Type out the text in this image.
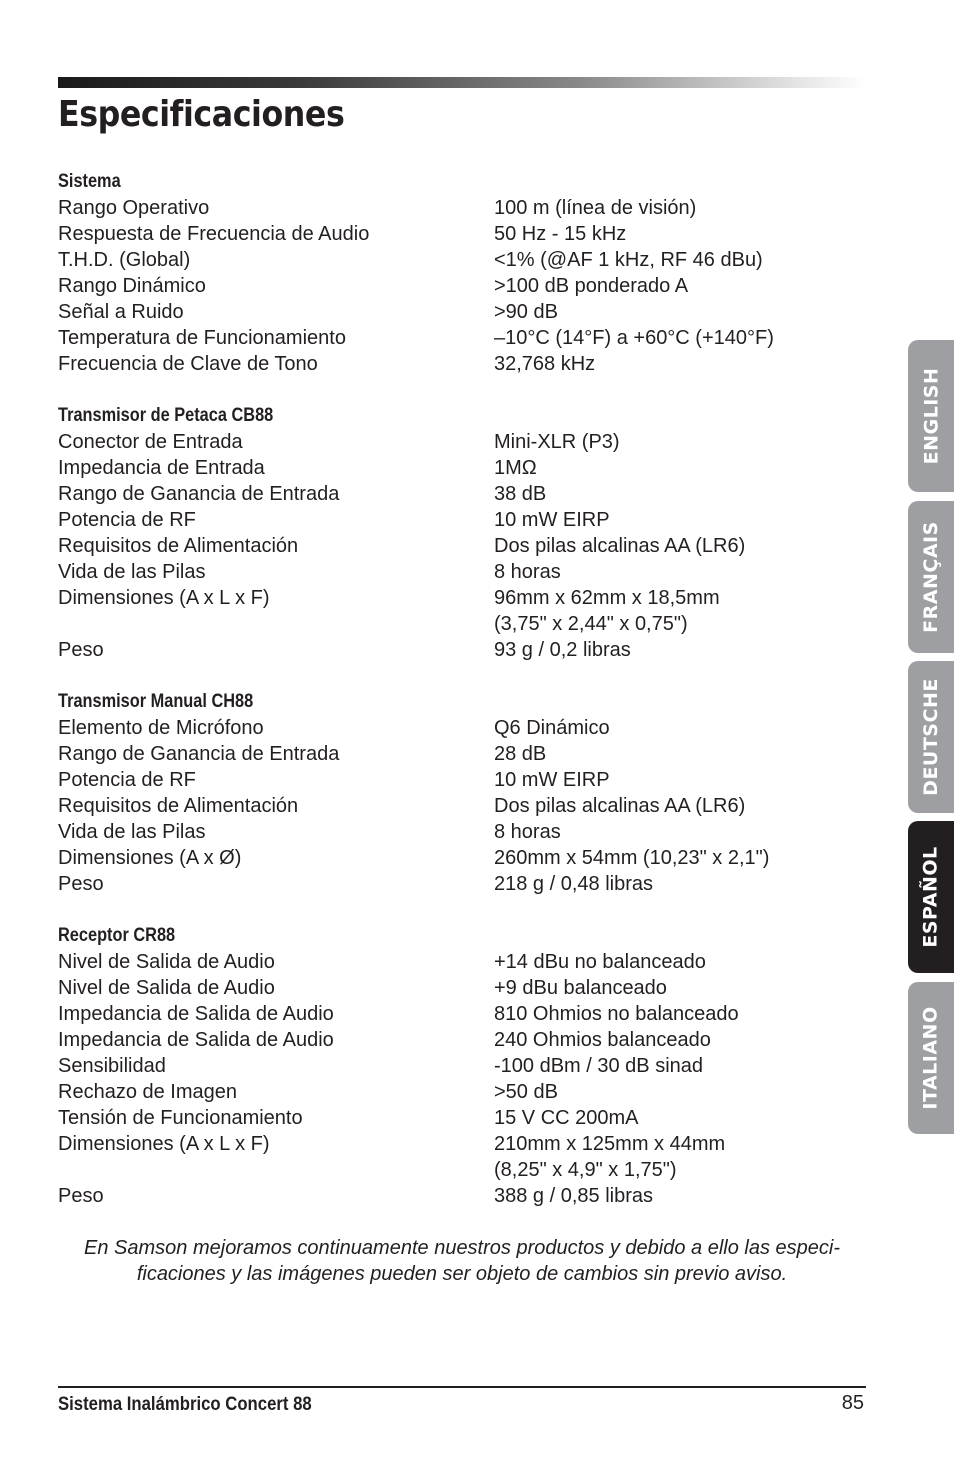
Especificaciones
Sistema
Rango Operativo	100 m (línea de visión)
Respuesta de Frecuencia de Audio	50 Hz - 15 kHz
T.H.D. (Global)	<1% (@AF 1 kHz, RF 46 dBu)
Rango Dinámico	>100 dB ponderado A
Señal a Ruido	>90 dB
Temperatura de Funcionamiento	–10°C (14°F) a +60°C (+140°F)
Frecuencia de Clave de Tono	32,768 kHz
Transmisor de Petaca CB88
Conector de Entrada	Mini-XLR (P3)
Impedancia de Entrada	1MΩ
Rango de Ganancia de Entrada	38 dB
Potencia de RF	10 mW EIRP
Requisitos de Alimentación	Dos pilas alcalinas AA (LR6)
Vida de las Pilas	8 horas
Dimensiones (A x L x F)	96mm x 62mm x 18,5mm
(3,75" x 2,44" x 0,75")
Peso	93 g / 0,2 libras
Transmisor Manual CH88
Elemento de Micrófono	Q6 Dinámico
Rango de Ganancia de Entrada	28 dB
Potencia de RF	10 mW EIRP
Requisitos de Alimentación	Dos pilas alcalinas AA (LR6)
Vida de las Pilas	8 horas
Dimensiones (A x Ø)	260mm x 54mm (10,23" x 2,1")
Peso	218 g / 0,48 libras
Receptor CR88
Nivel de Salida de Audio	+14 dBu no balanceado
Nivel de Salida de Audio	+9 dBu balanceado
Impedancia de Salida de Audio	810 Ohmios no balanceado
Impedancia de Salida de Audio	240 Ohmios balanceado
Sensibilidad	-100 dBm / 30 dB sinad
Rechazo de Imagen	>50 dB
Tensión de Funcionamiento	15 V CC 200mA
Dimensiones (A x L x F)	210mm x 125mm x 44mm
(8,25" x 4,9" x 1,75")
Peso	388 g / 0,85 libras
En Samson mejoramos continuamente nuestros productos y debido a ello las especi-
ficaciones y las imágenes pueden ser objeto de cambios sin previo aviso.
ENGLISH
FRANÇAIS
DEUTSCHE
ESPAÑOL
ITALIANO
Sistema Inalámbrico Concert 88	85
